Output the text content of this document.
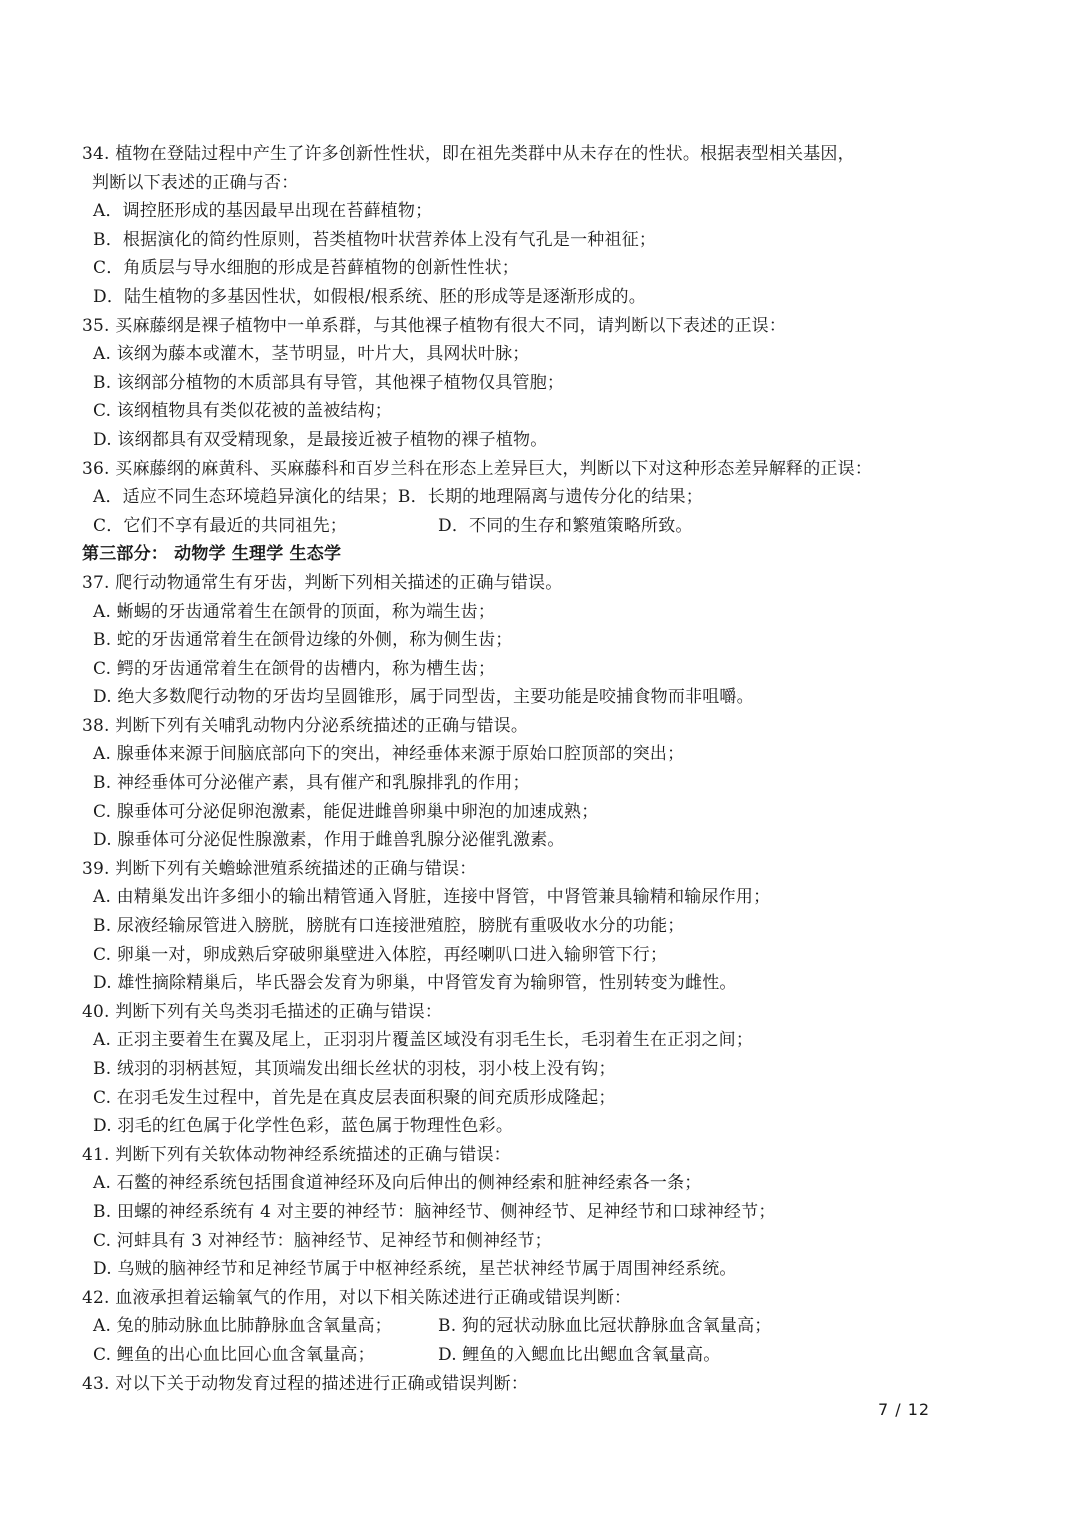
34. 植物在登陆过程中产生了许多创新性性状，即在祖先类群中从未存在的性状。根据表型相关基因，
判断以下表述的正确与否：
A．调控胚形成的基因最早出现在苔藓植物；
B．根据演化的简约性原则，苔类植物叶状营养体上没有气孔是一种祖征；
C．角质层与导水细胞的形成是苔藓植物的创新性性状；
D．陆生植物的多基因性状，如假根/根系统、胚的形成等是逐渐形成的。
35. 买麻藤纲是裸子植物中一单系群，与其他裸子植物有很大不同，请判断以下表述的正误：
A. 该纲为藤本或灌木，茎节明显，叶片大，具网状叶脉；
B. 该纲部分植物的木质部具有导管，其他裸子植物仅具管胞；
C. 该纲植物具有类似花被的盖被结构；
D. 该纲都具有双受精现象，是最接近被子植物的裸子植物。
36. 买麻藤纲的麻黄科、买麻藤科和百岁兰科在形态上差异巨大，判断以下对这种形态差异解释的正误：
A．适应不同生态环境趋异演化的结果； B．长期的地理隔离与遗传分化的结果；
C．它们不享有最近的共同祖先；	D．不同的生存和繁殖策略所致。
第三部分： 动物学 生理学 生态学
37. 爬行动物通常生有牙齿，判断下列相关描述的正确与错误。
A. 蜥蜴的牙齿通常着生在颌骨的顶面，称为端生齿；
B. 蛇的牙齿通常着生在颌骨边缘的外侧，称为侧生齿；
C. 鳄的牙齿通常着生在颌骨的齿槽内，称为槽生齿；
D. 绝大多数爬行动物的牙齿均呈圆锥形，属于同型齿，主要功能是咬捕食物而非咀嚼。
38. 判断下列有关哺乳动物内分泌系统描述的正确与错误。
A. 腺垂体来源于间脑底部向下的突出，神经垂体来源于原始口腔顶部的突出；
B. 神经垂体可分泌催产素，具有催产和乳腺排乳的作用；
C. 腺垂体可分泌促卵泡激素，能促进雌兽卵巢中卵泡的加速成熟；
D. 腺垂体可分泌促性腺激素，作用于雌兽乳腺分泌催乳激素。
39. 判断下列有关蟾蜍泄殖系统描述的正确与错误：
A. 由精巢发出许多细小的输出精管通入肾脏，连接中肾管，中肾管兼具输精和输尿作用；
B. 尿液经输尿管进入膀胱，膀胱有口连接泄殖腔，膀胱有重吸收水分的功能；
C. 卵巢一对，卵成熟后穿破卵巢壁进入体腔，再经喇叭口进入输卵管下行；
D. 雄性摘除精巢后，毕氏器会发育为卵巢，中肾管发育为输卵管，性别转变为雌性。
40. 判断下列有关鸟类羽毛描述的正确与错误：
A. 正羽主要着生在翼及尾上，正羽羽片覆盖区域没有羽毛生长，毛羽着生在正羽之间；
B. 绒羽的羽柄甚短，其顶端发出细长丝状的羽枝，羽小枝上没有钩；
C. 在羽毛发生过程中，首先是在真皮层表面积聚的间充质形成隆起；
D. 羽毛的红色属于化学性色彩，蓝色属于物理性色彩。
41. 判断下列有关软体动物神经系统描述的正确与错误：
A. 石鳖的神经系统包括围食道神经环及向后伸出的侧神经索和脏神经索各一条；
B. 田螺的神经系统有 4 对主要的神经节：脑神经节、侧神经节、足神经节和口球神经节；
C. 河蚌具有 3 对神经节：脑神经节、足神经节和侧神经节；
D. 乌贼的脑神经节和足神经节属于中枢神经系统，星芒状神经节属于周围神经系统。
42. 血液承担着运输氧气的作用，对以下相关陈述进行正确或错误判断：
A. 兔的肺动脉血比肺静脉血含氧量高；	B. 狗的冠状动脉血比冠状静脉血含氧量高；
C. 鲤鱼的出心血比回心血含氧量高；	D. 鲤鱼的入鳃血比出鳃血含氧量高。
43. 对以下关于动物发育过程的描述进行正确或错误判断：
7 / 12
